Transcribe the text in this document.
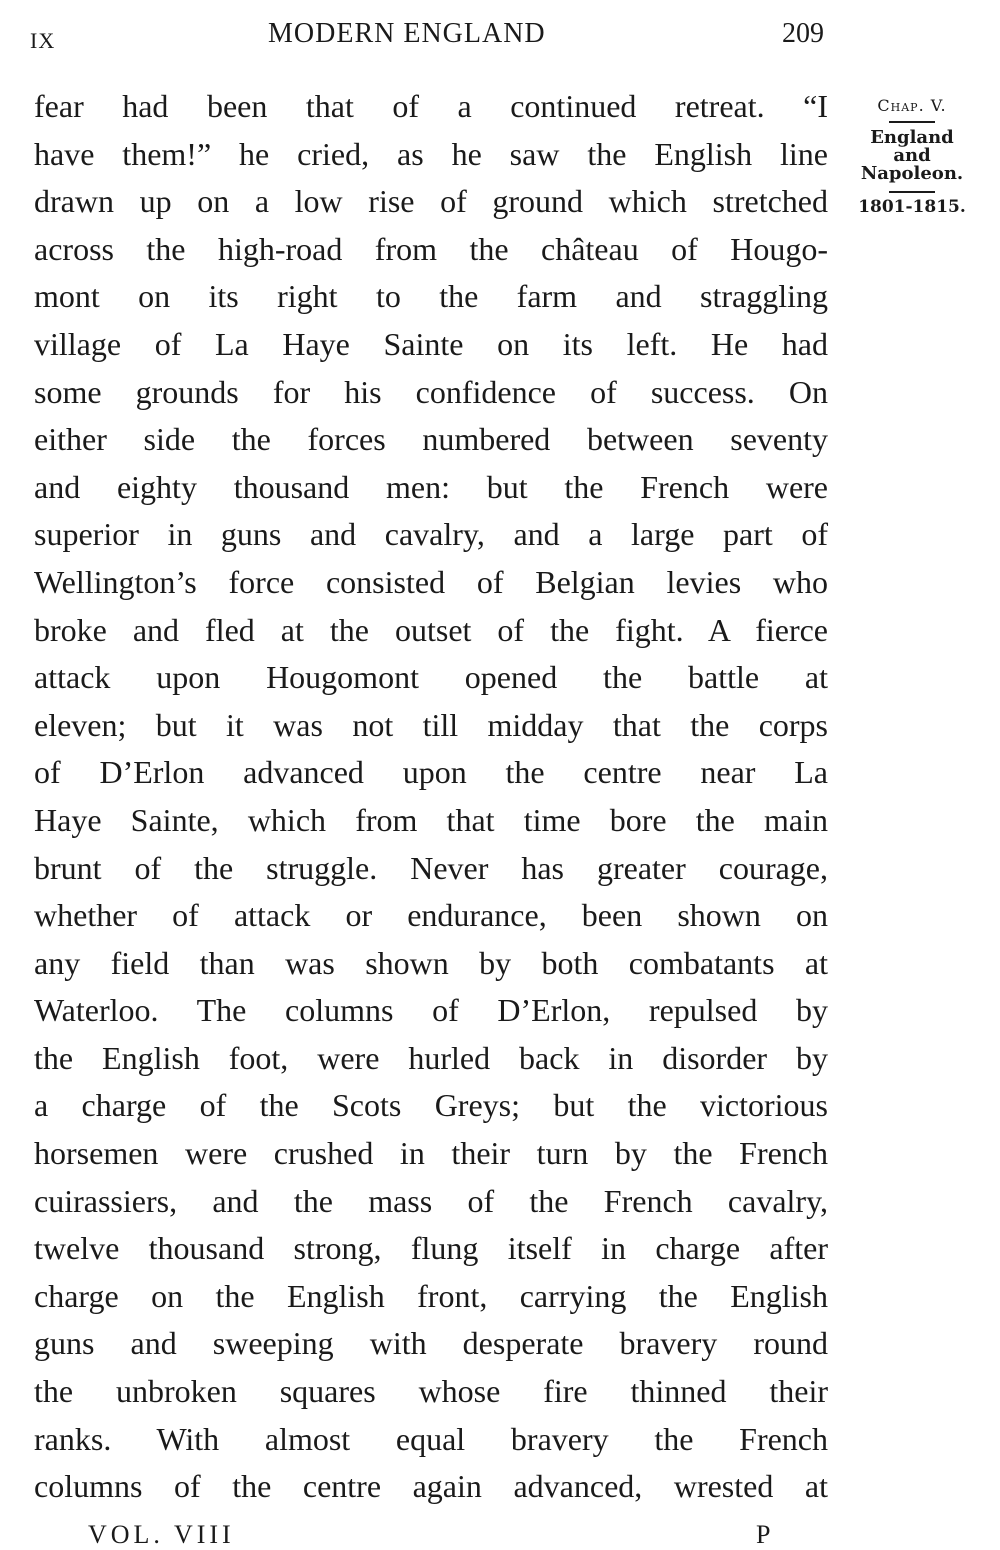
IX	MODERN ENGLAND	209
fear had been that of a continued retreat. “I
have them!” he cried, as he saw the English line
drawn up on a low rise of ground which stretched
across the high-road from the château of Hougo-
mont on its right to the farm and straggling
village of La Haye Sainte on its left. He had
some grounds for his confidence of success. On
either side the forces numbered between seventy
and eighty thousand men: but the French were
superior in guns and cavalry, and a large part of
Wellington’s force consisted of Belgian levies who
broke and fled at the outset of the fight. A fierce
attack upon Hougomont opened the battle at
eleven; but it was not till midday that the corps
of D’Erlon advanced upon the centre near La
Haye Sainte, which from that time bore the main
brunt of the struggle. Never has greater courage,
whether of attack or endurance, been shown on
any field than was shown by both combatants at
Waterloo. The columns of D’Erlon, repulsed by
the English foot, were hurled back in disorder by
a charge of the Scots Greys; but the victorious
horsemen were crushed in their turn by the French
cuirassiers, and the mass of the French cavalry,
twelve thousand strong, flung itself in charge after
charge on the English front, carrying the English
guns and sweeping with desperate bravery round
the unbroken squares whose fire thinned their
ranks. With almost equal bravery the French
columns of the centre again advanced, wrested at
Chap. V.
England
and
Napoleon.
1801-1815.
VOL. VIII	P
